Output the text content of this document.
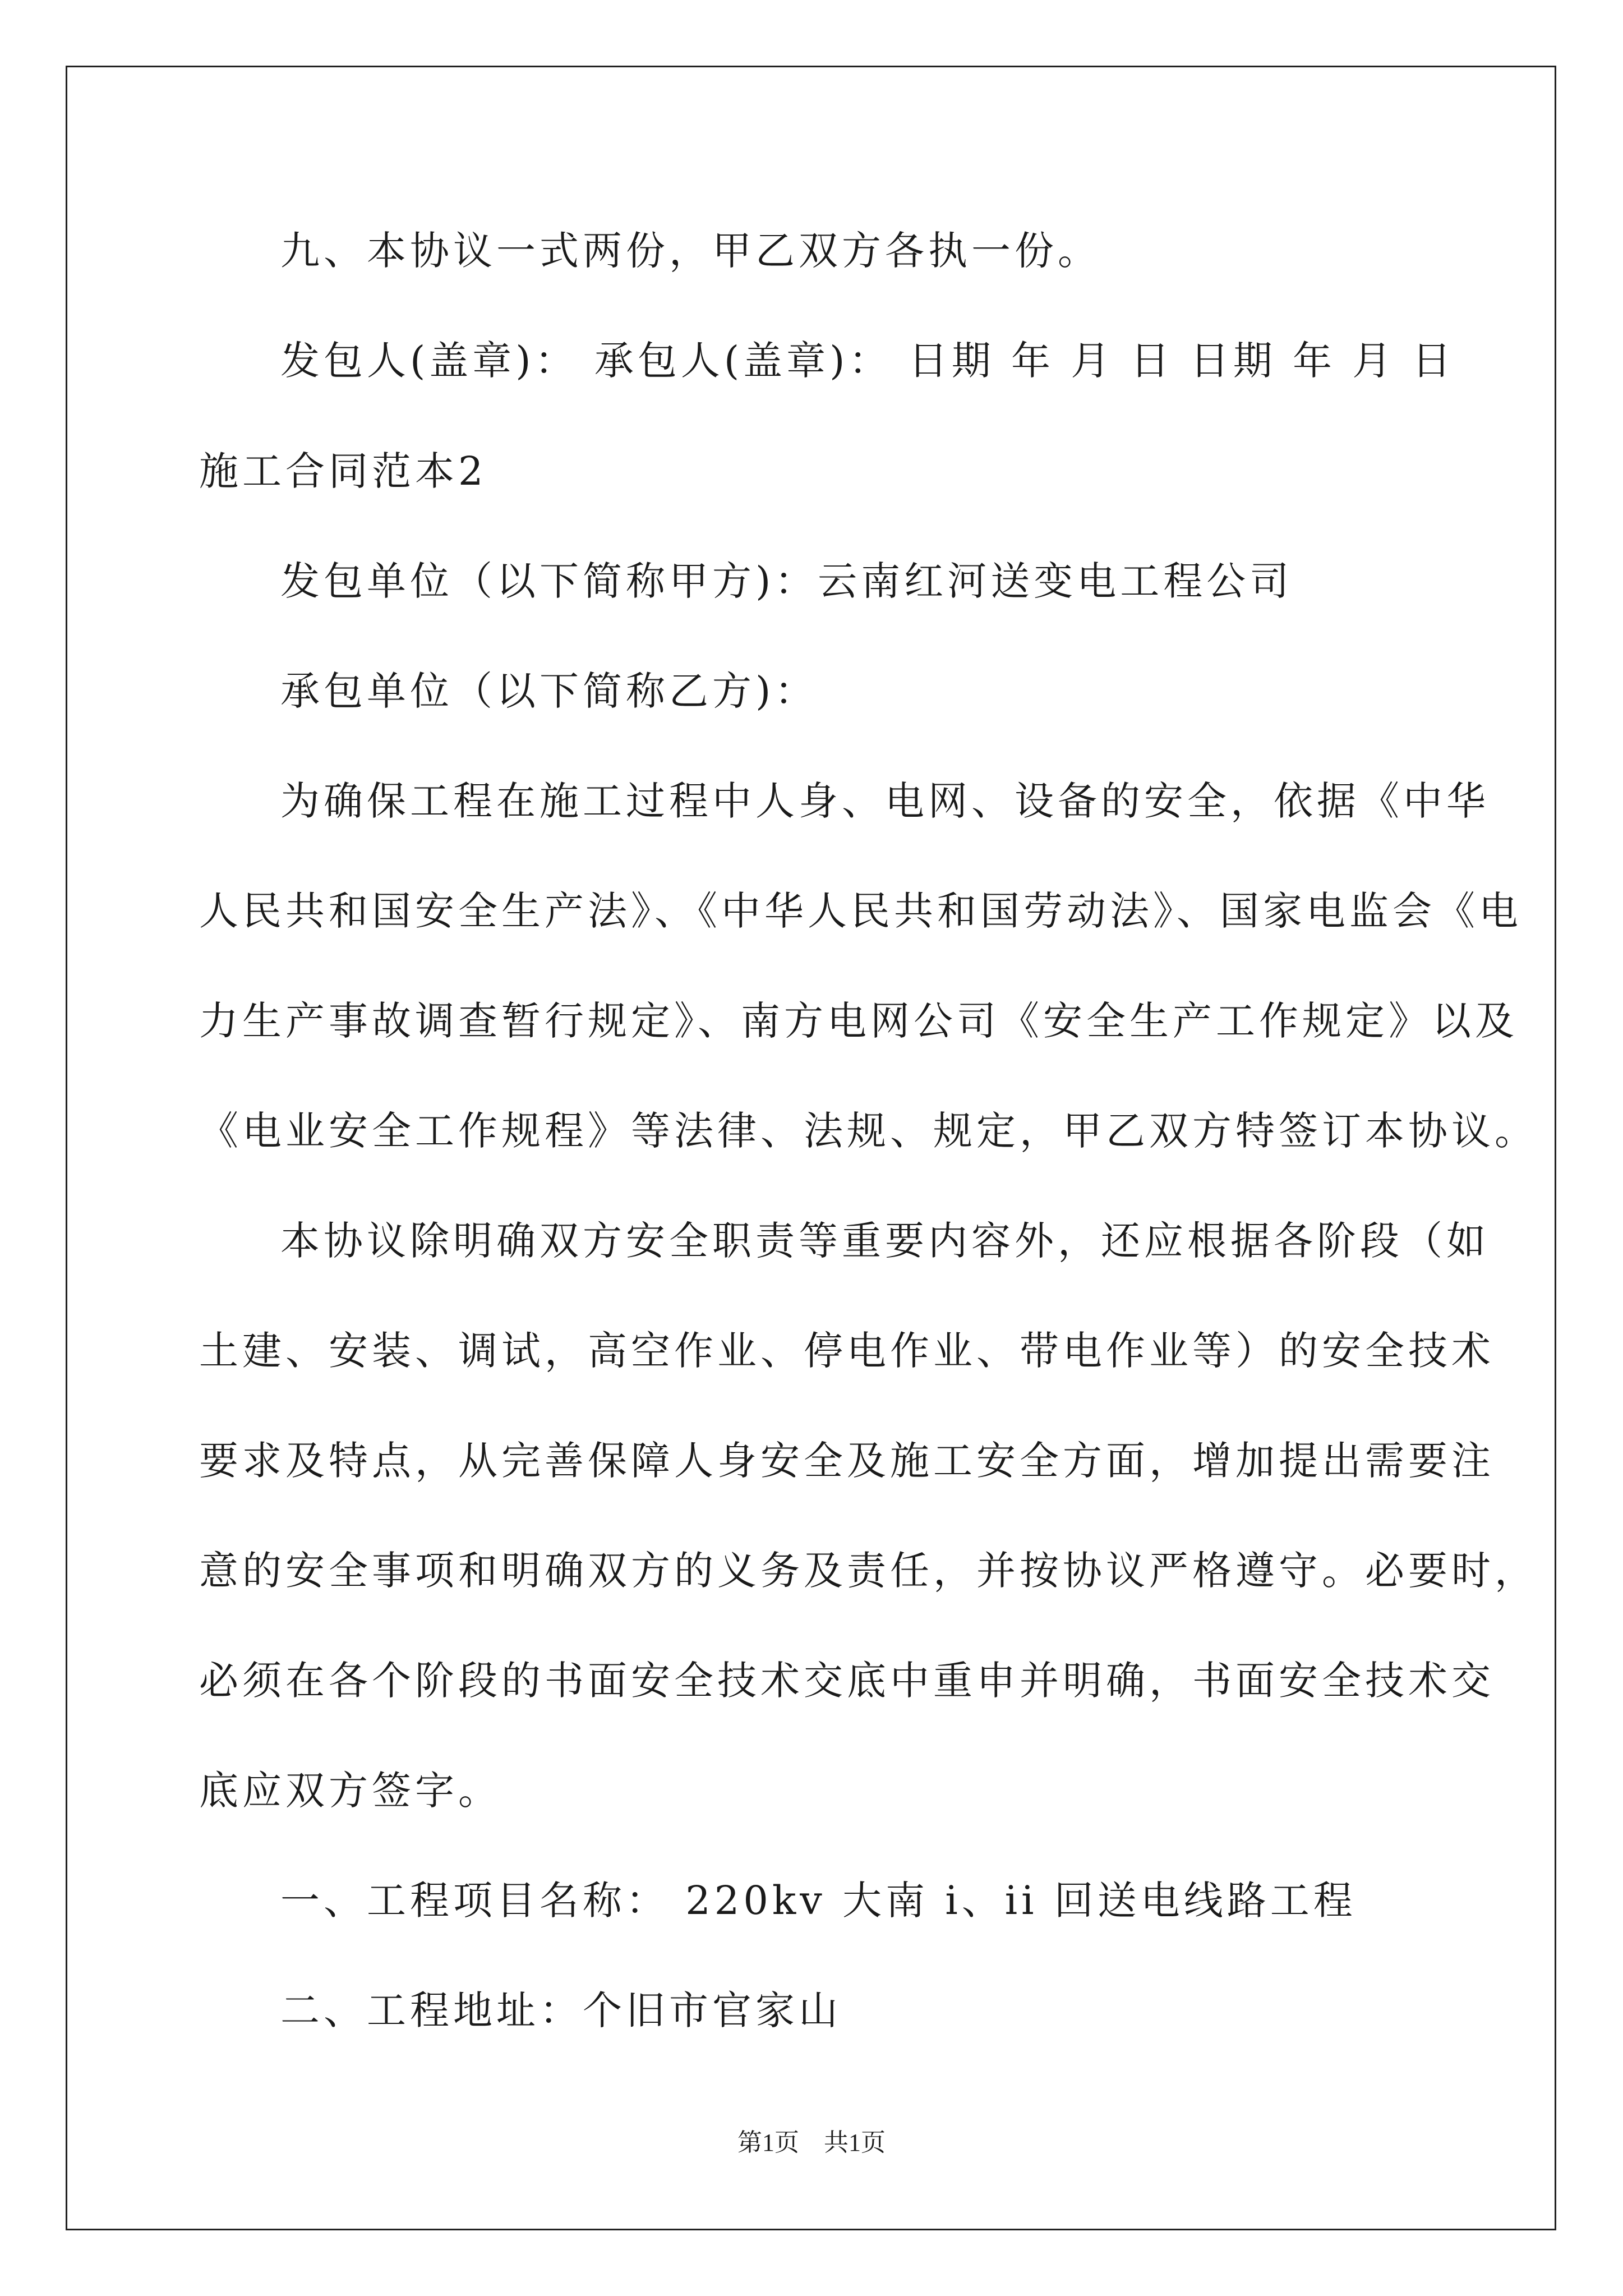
九、本协议一式两份，甲乙双方各执一份。

发包人(盖章)： 承包人(盖章)： 日期 年 月 日 日期 年 月 日

施工合同范本2

发包单位（以下简称甲方)：云南红河送变电工程公司

承包单位（以下简称乙方)：

为确保工程在施工过程中人身、电网、设备的安全，依据《中华

人民共和国安全生产法》、《中华人民共和国劳动法》、国家电监会《电

力生产事故调查暂行规定》、南方电网公司《安全生产工作规定》以及

《电业安全工作规程》等法律、法规、规定，甲乙双方特签订本协议。

本协议除明确双方安全职责等重要内容外，还应根据各阶段（如

土建、安装、调试，高空作业、停电作业、带电作业等）的安全技术

要求及特点，从完善保障人身安全及施工安全方面，增加提出需要注

意的安全事项和明确双方的义务及责任，并按协议严格遵守。必要时，

必须在各个阶段的书面安全技术交底中重申并明确，书面安全技术交

底应双方签字。

一、工程项目名称： 220kv 大南 i、ii 回送电线路工程

二、工程地址：个旧市官家山

第1页　共1页
